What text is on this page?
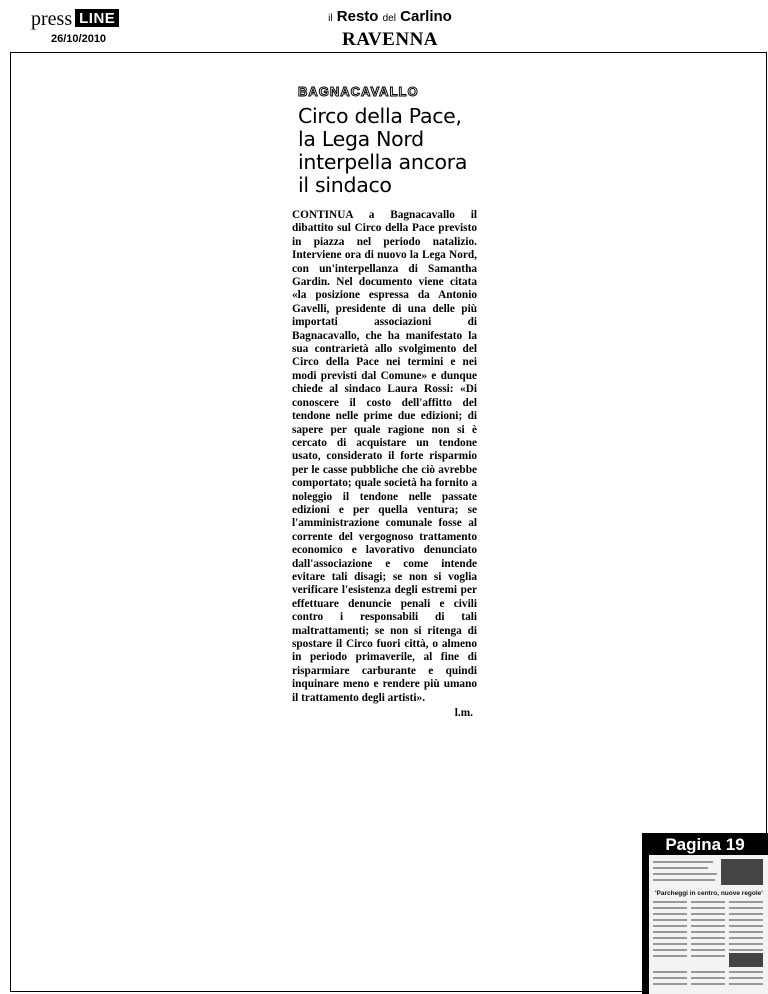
press LINE
26/10/2010
il Resto del Carlino
RAVENNA
BAGNACAVALLO
Circo della Pace,
la Lega Nord
interpella ancora
il sindaco
CONTINUA a Bagnacavallo il dibattito sul Circo della Pace previsto in piazza nel periodo natalizio. Interviene ora di nuovo la Lega Nord, con un'interpellanza di Samantha Gardin. Nel documento viene citata «la posizione espressa da Antonio Gavelli, presidente di una delle più importati associazioni di Bagnacavallo, che ha manifestato la sua contrarietà allo svolgimento del Circo della Pace nei termini e nei modi previsti dal Comune» e dunque chiede al sindaco Laura Rossi: «Di conoscere il costo dell'affitto del tendone nelle prime due edizioni; di sapere per quale ragione non si è cercato di acquistare un tendone usato, considerato il forte risparmio per le casse pubbliche che ciò avrebbe comportato; quale società ha fornito a noleggio il tendone nelle passate edizioni e per quella ventura; se l'amministrazione comunale fosse al corrente del vergognoso trattamento economico e lavorativo denunciato dall'associazione e come intende evitare tali disagi; se non si voglia verificare l'esistenza degli estremi per effettuare denuncie penali e civili contro i responsabili di tali maltrattamenti; se non si ritenga di spostare il Circo fuori città, o almeno in periodo primaverile, al fine di risparmiare carburante e quindi inquinare meno e rendere più umano il trattamento degli artisti».
l.m.
Pagina 19
'Parcheggi in centro, nuove regole'
